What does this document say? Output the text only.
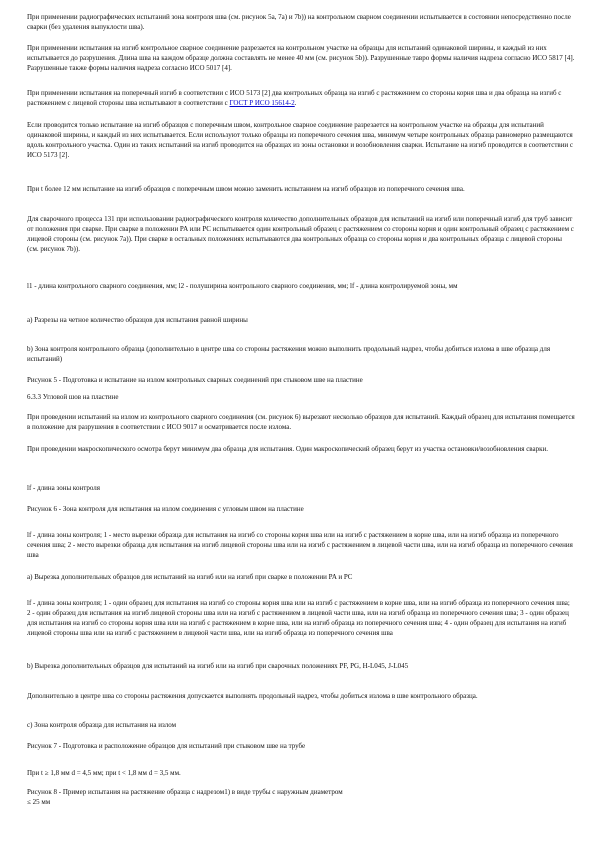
При применении радиографических испытаний зона контроля шва (см. рисунок 5а, 7а) и 7b)) на контрольном сварном соединении испытывается в состоянии непосредственно после сварки (без удаления выпуклости шва).

При применении испытания на изгиб контрольное сварное соединение разрезается на контрольном участке на образцы для испытаний одинаковой ширины, и каждый из них испытывается до разрушения. Длина шва на каждом образце должна составлять не менее 40 мм (см. рисунок 5b)). Разрушенные тавро формы наличия надреза согласно ИСО 5817 [4]. Разрушенные также формы наличия надреза согласно ИСО 5017 [4].

При применении испытания на поперечный изгиб в соответствии с ИСО 5173 [2] два контрольных образца на изгиб с растяжением со стороны корня шва и два образца на изгиб с растяжением с лицевой стороны шва испытывают в соответствии с ГОСТ Р ИСО 15614-2.

Если проводится только испытание на изгиб образцов с поперечным швом, контрольное сварное соединение разрезается на контрольном участке на образцы для испытаний одинаковой ширины, и каждый из них испытывается. Если используют только образцы из поперечного сечения шва, минимум четыре контрольных образца равномерно размещаются вдоль контрольного участка. Один из таких испытаний на изгиб проводится на образцах из зоны остановки и возобновления сварки. Испытание на изгиб проводится в соответствии с ИСО 5173 [2].

При t более 12 мм испытание на изгиб образцов с поперечным швом можно заменить испытанием на изгиб образцов из поперечного сечения шва.

Для сварочного процесса 131 при использовании радиографического контроля количество дополнительных образцов для испытаний на изгиб или поперечный изгиб для труб зависит от положения при сварке. При сварке в положении PA или PC испытывается один контрольный образец с растяжением со стороны корня и один контрольный образец с растяжением с лицевой стороны (см. рисунок 7а)). При сварке в остальных положениях испытываются два контрольных образца со стороны корня и два контрольных образца с лицевой стороны (см. рисунок 7b)).

l1 - длина контрольного сварного соединения, мм; l2 - полуширина контрольного сварного соединения, мм; lf - длина контролируемой зоны, мм

а) Разрезы на четное количество образцов для испытания равной ширины

b) Зона контроля контрольного образца (дополнительно в центре шва со стороны растяжения можно выполнить продольный надрез, чтобы добиться излома в шве образца для испытаний)

Рисунок 5 - Подготовка и испытание на излом контрольных сварных соединений при стыковом шве на пластине

6.3.3 Угловой шов на пластине

При проведении испытаний на излом из контрольного сварного соединения (см. рисунок 6) вырезают несколько образцов для испытаний. Каждый образец для испытания помещается в положение для разрушения в соответствии с ИСО 9017 и осматривается после излома.

При проведении макроскопического осмотра берут минимум два образца для испытания. Один макроскопический образец берут из участка остановки/возобновления сварки.

lf - длина зоны контроля

Рисунок 6 - Зона контроля для испытания на излом соединения с угловым швом на пластине

lf - длина зоны контроля; 1 - место вырезки образца для испытания на изгиб со стороны корня шва или на изгиб с растяжением в корне шва, или на изгиб образца из поперечного сечения шва; 2 - место вырезки образца для испытания на изгиб лицевой стороны шва или на изгиб с растяжением в лицевой части шва, или на изгиб образца из поперечного сечения шва

а) Вырезка дополнительных образцов для испытаний на изгиб или на изгиб при сварке в положении PA и PC

lf - длина зоны контроля; 1 - один образец для испытания на изгиб со стороны корня шва или на изгиб с растяжением в корне шва, или на изгиб образца из поперечного сечения шва; 2 - один образец для испытания на изгиб лицевой стороны шва или на изгиб с растяжением в лицевой части шва, или на изгиб образца из поперечного сечения шва; 3 - один образец для испытания на изгиб со стороны корня шва или на изгиб с растяжением в корне шва, или на изгиб образца из поперечного сечения шва; 4 - один образец для испытания на изгиб лицевой стороны шва или на изгиб с растяжением в лицевой части шва, или на изгиб образца из поперечного сечения шва

b) Вырезка дополнительных образцов для испытаний на изгиб или на изгиб при сварочных положениях PF, PG, H-L045, J-L045

Дополнительно в центре шва со стороны растяжения допускается выполнять продольный надрез, чтобы добиться излома в шве контрольного образца.

с) Зона контроля образца для испытания на излом

Рисунок 7 - Подготовка и расположение образцов для испытаний при стыковом шве на трубе

При t ≥ 1,8 мм d = 4,5 мм; при t < 1,8 мм d = 3,5 мм.

Рисунок 8 - Пример испытания на растяжение образца с надрезом1) в виде трубы с наружным диаметром
≤ 25 мм
